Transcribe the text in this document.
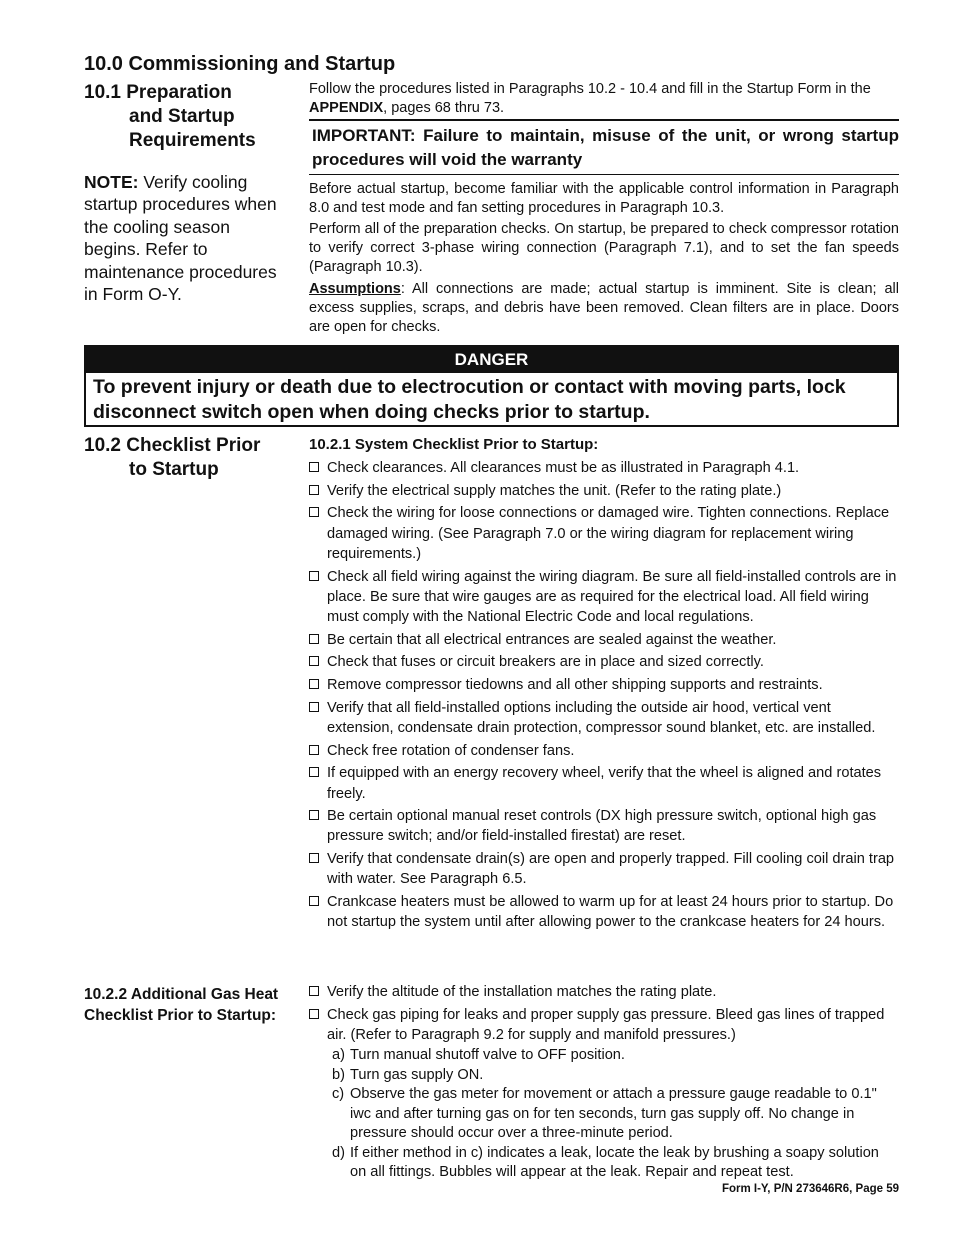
10.0 Commissioning and Startup
10.1 Preparation
and Startup
Requirements
NOTE: Verify cooling startup procedures when the cooling season begins. Refer to maintenance procedures in Form O-Y.
Follow the procedures listed in Paragraphs 10.2 - 10.4 and fill in the Startup Form in the APPENDIX, pages 68 thru 73.
IMPORTANT: Failure to maintain, misuse of the unit, or wrong startup procedures will void the warranty
Before actual startup, become familiar with the applicable control information in Paragraph 8.0 and test mode and fan setting procedures in Paragraph 10.3.
Perform all of the preparation checks. On startup, be prepared to check compressor rotation to verify correct 3-phase wiring connection (Paragraph 7.1), and to set the fan speeds (Paragraph 10.3).
Assumptions: All connections are made; actual startup is imminent. Site is clean; all excess supplies, scraps, and debris have been removed. Clean filters are in place. Doors are open for checks.
DANGER
To prevent injury or death due to electrocution or contact with moving parts, lock disconnect switch open when doing checks prior to startup.
10.2 Checklist Prior
to Startup
10.2.1 System Checklist Prior to Startup:
Check clearances. All clearances must be as illustrated in Paragraph 4.1.
Verify the electrical supply matches the unit. (Refer to the rating plate.)
Check the wiring for loose connections or damaged wire. Tighten connections. Replace damaged wiring. (See Paragraph 7.0 or the wiring diagram for replacement wiring requirements.)
Check all field wiring against the wiring diagram. Be sure all field-installed controls are in place. Be sure that wire gauges are as required for the electrical load. All field wiring must comply with the National Electric Code and local regulations.
Be certain that all electrical entrances are sealed against the weather.
Check that fuses or circuit breakers are in place and sized correctly.
Remove compressor tiedowns and all other shipping supports and restraints.
Verify that all field-installed options including the outside air hood, vertical vent extension, condensate drain protection, compressor sound blanket, etc. are installed.
Check free rotation of condenser fans.
If equipped with an energy recovery wheel, verify that the wheel is aligned and rotates freely.
Be certain optional manual reset controls (DX high pressure switch, optional high gas pressure switch; and/or field-installed firestat) are reset.
Verify that condensate drain(s) are open and properly trapped. Fill cooling coil drain trap with water. See Paragraph 6.5.
Crankcase heaters must be allowed to warm up for at least 24 hours prior to startup. Do not startup the system until after allowing power to the crankcase heaters for 24 hours.
10.2.2 Additional Gas Heat Checklist Prior to Startup:
Verify the altitude of the installation matches the rating plate.
Check gas piping for leaks and proper supply gas pressure. Bleed gas lines of trapped air. (Refer to Paragraph 9.2 for supply and manifold pressures.)
a) Turn manual shutoff valve to OFF position.
b) Turn gas supply ON.
c) Observe the gas meter for movement or attach a pressure gauge readable to 0.1" iwc and after turning gas on for ten seconds, turn gas supply off. No change in pressure should occur over a three-minute period.
d) If either method in c) indicates a leak, locate the leak by brushing a soapy solution on all fittings. Bubbles will appear at the leak. Repair and repeat test.
Form I-Y, P/N 273646R6, Page 59
